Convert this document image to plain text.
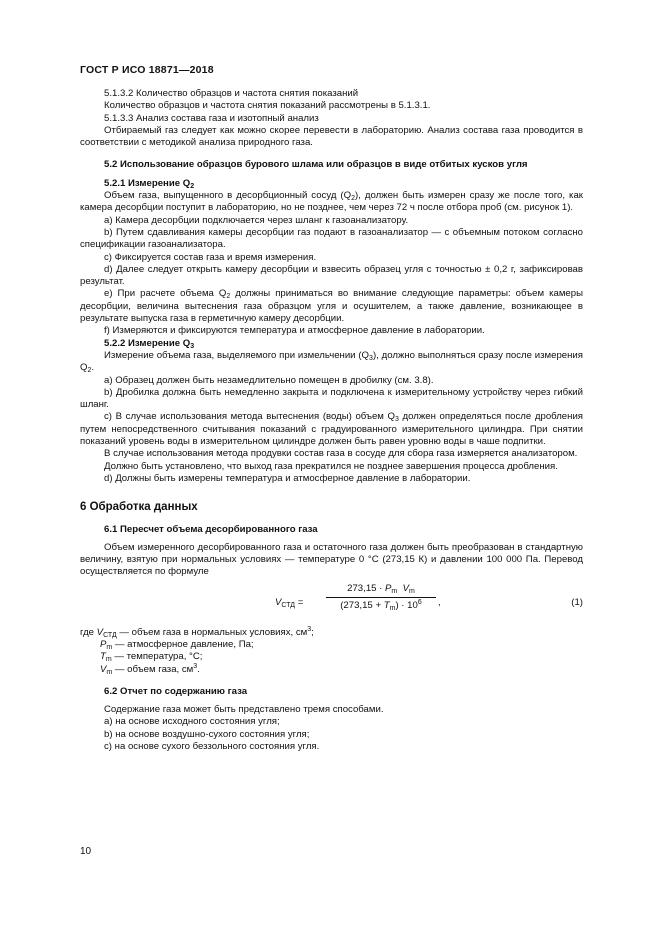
ГОСТ Р ИСО 18871—2018

5.1.3.2 Количество образцов и частота снятия показаний

Количество образцов и частота снятия показаний рассмотрены в 5.1.3.1.

5.1.3.3 Анализ состава газа и изотопный анализ

Отбираемый газ следует как можно скорее перевести в лабораторию. Анализ состава газа проводится в соответствии с методикой анализа природного газа.

5.2 Использование образцов бурового шлама или образцов в виде отбитых кусков угля

5.2.1 Измерение $Q_2$

Объем газа, выпущенного в десорбционный сосуд $(Q_2)$, должен быть измерен сразу же после того, как камера десорбции поступит в лабораторию, но не позднее, чем через 72 ч после отбора проб (см. рисунок 1).

a) Камера десорбции подключается через шланг к газоанализатору.

b) Путем сдавливания камеры десорбции газ подают в газоанализатор — с объемным потоком согласно спецификации газоанализатора.

c) Фиксируется состав газа и время измерения.

d) Далее следует открыть камеру десорбции и взвесить образец угля с точностью ± 0,2 г, зафиксировав результат.

e) При расчете объема $Q_2$ должны приниматься во внимание следующие параметры: объем камеры десорбции, величина вытеснения газа образцом угля и осушителем, а также давление, возникающее в результате выпуска газа в герметичную камеру десорбции.

f) Измеряются и фиксируются температура и атмосферное давление в лаборатории.

5.2.2 Измерение $Q_3$

Измерение объема газа, выделяемого при измельчении $(Q_3)$, должно выполняться сразу после измерения $Q_2$.

a) Образец должен быть незамедлительно помещен в дробилку (см. 3.8).

b) Дробилка должна быть немедленно закрыта и подключена к измерительному устройству через гибкий шланг.

c) В случае использования метода вытеснения (воды) объем $Q_3$ должен определяться после дробления путем непосредственного считывания показаний с градуированного измерительного цилиндра. При снятии показаний уровень воды в измерительном цилиндре должен быть равен уровню воды в чаше подпитки.

В случае использования метода продувки состав газа в сосуде для сбора газа измеряется анализатором.

Должно быть установлено, что выход газа прекратился не позднее завершения процесса дробления.

d) Должны быть измерены температура и атмосферное давление в лаборатории.

6 Обработка данных

6.1 Пересчет объема десорбированного газа

Объем измеренного десорбированного газа и остаточного газа должен быть преобразован в стандартную величину, взятую при нормальных условиях — температуре 0 °С (273,15 К) и давлении 100 000 Па. Перевод осуществляется по формуле

$V_{СТД} = \frac{273,15 \cdot P_m V_m}{(273,15 + T_m) \cdot 10^6}$ ,	(1)

где $V_{СТД}$ — объем газа в нормальных условиях, $см^3$;

$P_m$ — атмосферное давление, Па;

$T_m$ — температура, °С;

$V_m$ — объем газа, $см^3$.

6.2 Отчет по содержанию газа

Содержание газа может быть представлено тремя способами.

a) на основе исходного состояния угля;

b) на основе воздушно-сухого состояния угля;

c) на основе сухого беззольного состояния угля.

10
